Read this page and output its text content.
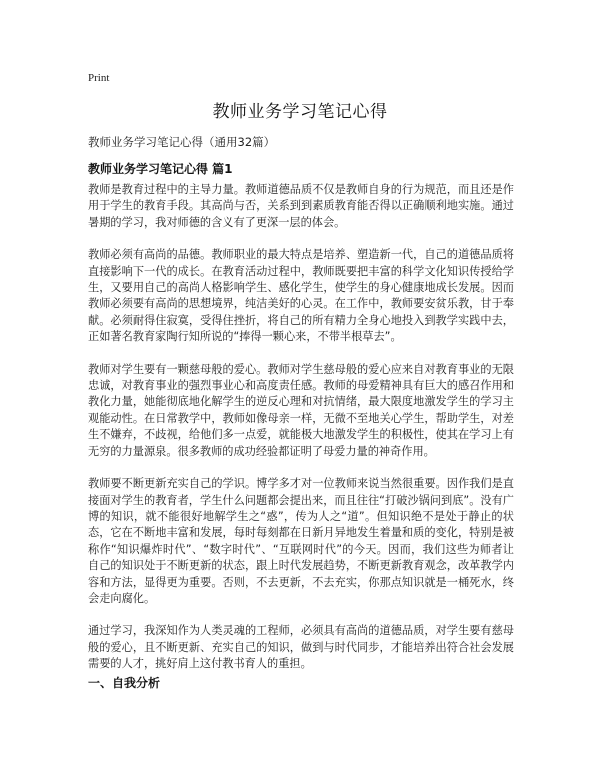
Print
教师业务学习笔记心得
教师业务学习笔记心得（通用32篇）
教师业务学习笔记心得 篇1

教师是教育过程中的主导力量。教师道德品质不仅是教师自身的行为规范，而且还是作用于学生的教育手段。其高尚与否，关系到到素质教育能否得以正确顺利地实施。通过暑期的学习，我对师德的含义有了更深一层的体会。

教师必须有高尚的品德。教师职业的最大特点是培养、塑造新一代，自己的道德品质将直接影响下一代的成长。在教育活动过程中，教师既要把丰富的科学文化知识传授给学生，又要用自己的高尚人格影响学生、感化学生，使学生的身心健康地成长发展。因而教师必须要有高尚的思想境界，纯洁美好的心灵。在工作中，教师要安贫乐教，甘于奉献。必须耐得住寂寞，受得住挫折，将自己的所有精力全身心地投入到教学实践中去，正如著名教育家陶行知所说的“捧得一颗心来，不带半根草去”。

教师对学生要有一颗慈母般的爱心。教师对学生慈母般的爱心应来自对教育事业的无限忠诚，对教育事业的强烈事业心和高度责任感。教师的母爱精神具有巨大的感召作用和教化力量，她能彻底地化解学生的逆反心理和对抗情绪，最大限度地激发学生的学习主观能动性。在日常教学中，教师如像母亲一样，无微不至地关心学生，帮助学生，对差生不嫌弃，不歧视，给他们多一点爱，就能极大地激发学生的积极性，使其在学习上有无穷的力量源泉。很多教师的成功经验都证明了母爱力量的神奇作用。

教师要不断更新充实自己的学识。博学多才对一位教师来说当然很重要。因作我们是直接面对学生的教育者，学生什么问题都会提出来，而且往往“打破沙锅问到底”。没有广博的知识，就不能很好地解学生之“惑”，传为人之“道”。但知识绝不是处于静止的状态，它在不断地丰富和发展，每时每刻都在日新月异地发生着量和质的变化，特别是被称作“知识爆炸时代”、“数字时代”、“互联网时代”的今天。因而，我们这些为师者让自己的知识处于不断更新的状态，跟上时代发展趋势，不断更新教育观念，改革教学内容和方法，显得更为重要。否则，不去更新，不去充实，你那点知识就是一桶死水，终会走向腐化。

通过学习，我深知作为人类灵魂的工程师，必须具有高尚的道德品质，对学生要有慈母般的爱心，且不断更新、充实自己的知识，做到与时代同步，才能培养出符合社会发展需要的人才，挑好肩上这付教书育人的重担。

一、自我分析
